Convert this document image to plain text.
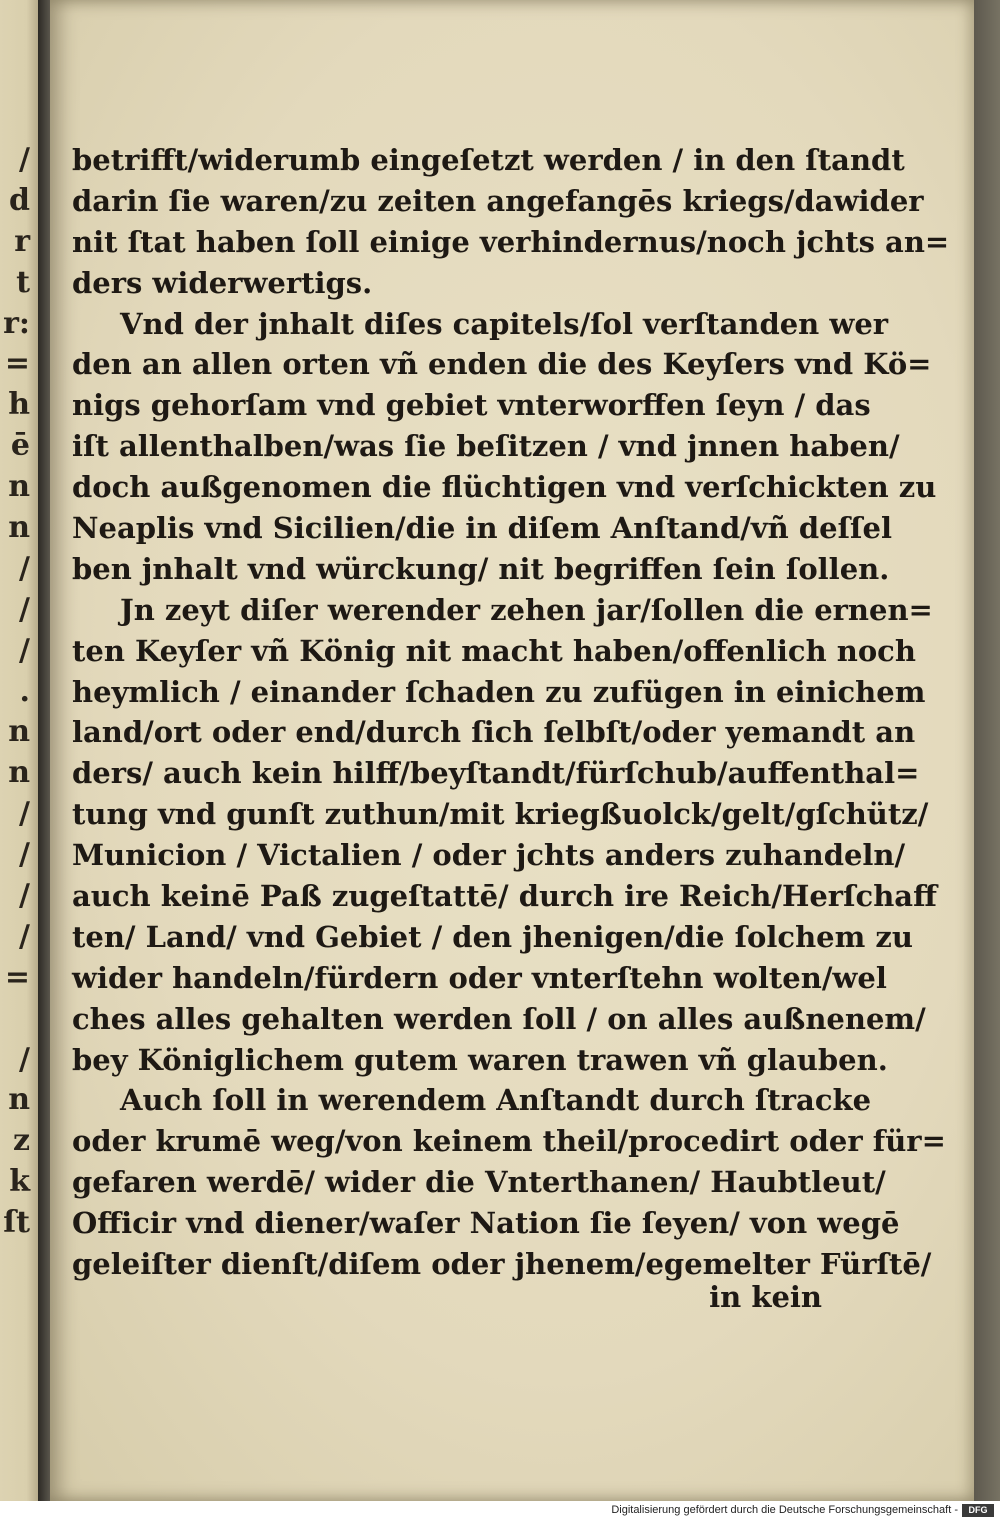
/
d
r
t
r:
=
h
ē
n
n
/
/
/
.
n
n
/
/
/
/
=
/
n
z
k
ſt
betrifft/widerumb eingeſetzt werden / in den ſtandt
darin ſie waren/zu zeiten angefangēs kriegs/dawider
nit ſtat haben ſoll einige verhindernus/noch jchts an=
ders widerwertigs.
Vnd der jnhalt diſes capitels/ſol verſtanden wer
den an allen orten vñ enden die des Keyſers vnd Kö=
nigs gehorſam vnd gebiet vnterworffen ſeyn / das
iſt allenthalben/was ſie beſitzen / vnd jnnen haben/
doch außgenomen die flüchtigen vnd verſchickten zu
Neaplis vnd Sicilien/die in diſem Anſtand/vñ deſſel
ben jnhalt vnd würckung/ nit begriffen ſein ſollen.
Jn zeyt diſer werender zehen jar/ſollen die ernen=
ten Keyſer vñ König nit macht haben/offenlich noch
heymlich / einander ſchaden zu zufügen in einichem
land/ort oder end/durch ſich ſelbſt/oder yemandt an
ders/ auch kein hilff/beyſtandt/fürſchub/auffenthal=
tung vnd gunſt zuthun/mit kriegßuolck/gelt/gſchütz/
Municion / Victalien / oder jchts anders zuhandeln/
auch keinē Paß zugeſtattē/ durch ire Reich/Herſchaff
ten/ Land/ vnd Gebiet / den jhenigen/die ſolchem zu
wider handeln/fürdern oder vnterſtehn wolten/wel
ches alles gehalten werden ſoll / on alles außnenem/
bey Königlichem gutem waren trawen vñ glauben.
Auch ſoll in werendem Anſtandt durch ſtracke
oder krumē weg/von keinem theil/procedirt oder für=
gefaren werdē/ wider die Vnterthanen/ Haubtleut/
Officir vnd diener/waſer Nation ſie ſeyen/ von wegē
geleiſter dienſt/diſem oder jhenem/egemelter Fürſtē/
in kein
Digitalisierung gefördert durch die Deutsche Forschungsgemeinschaft -	DFG
